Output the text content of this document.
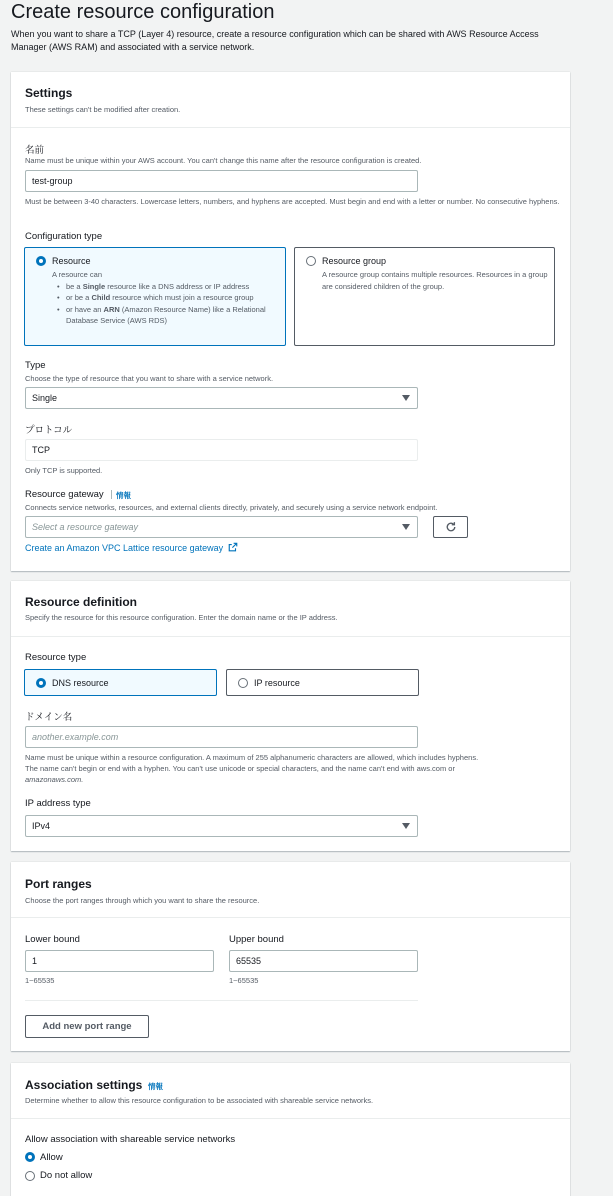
Create resource configuration
When you want to share a TCP (Layer 4) resource, create a resource configuration which can be shared with AWS Resource Access Manager (AWS RAM) and associated with a service network.
Settings
These settings can't be modified after creation.
名前
Name must be unique within your AWS account. You can't change this name after the resource configuration is created.
test-group
Must be between 3-40 characters. Lowercase letters, numbers, and hyphens are accepted. Must begin and end with a letter or number. No consecutive hyphens.
Configuration type
Resource
A resource can
• be a Single resource like a DNS address or IP address
• or be a Child resource which must join a resource group
• or have an ARN (Amazon Resource Name) like a Relational Database Service (AWS RDS)
Resource group
A resource group contains multiple resources. Resources in a group are considered children of the group.
Type
Choose the type of resource that you want to share with a service network.
Single
プロトコル
TCP
Only TCP is supported.
Resource gateway 情報
Connects service networks, resources, and external clients directly, privately, and securely using a service network endpoint.
Select a resource gateway
Create an Amazon VPC Lattice resource gateway
Resource definition
Specify the resource for this resource configuration. Enter the domain name or the IP address.
Resource type
DNS resource	IP resource
ドメイン名
another.example.com
Name must be unique within a resource configuration. A maximum of 255 alphanumeric characters are allowed, which includes hyphens.
The name can't begin or end with a hyphen. You can't use unicode or special characters, and the name can't end with aws.com or
amazonaws.com.
IP address type
IPv4
Port ranges
Choose the port ranges through which you want to share the resource.
Lower bound
1
1~65535
Upper bound
65535
1~65535
Add new port range
Association settings 情報
Determine whether to allow this resource configuration to be associated with shareable service networks.
Allow association with shareable service networks
Allow
Do not allow
